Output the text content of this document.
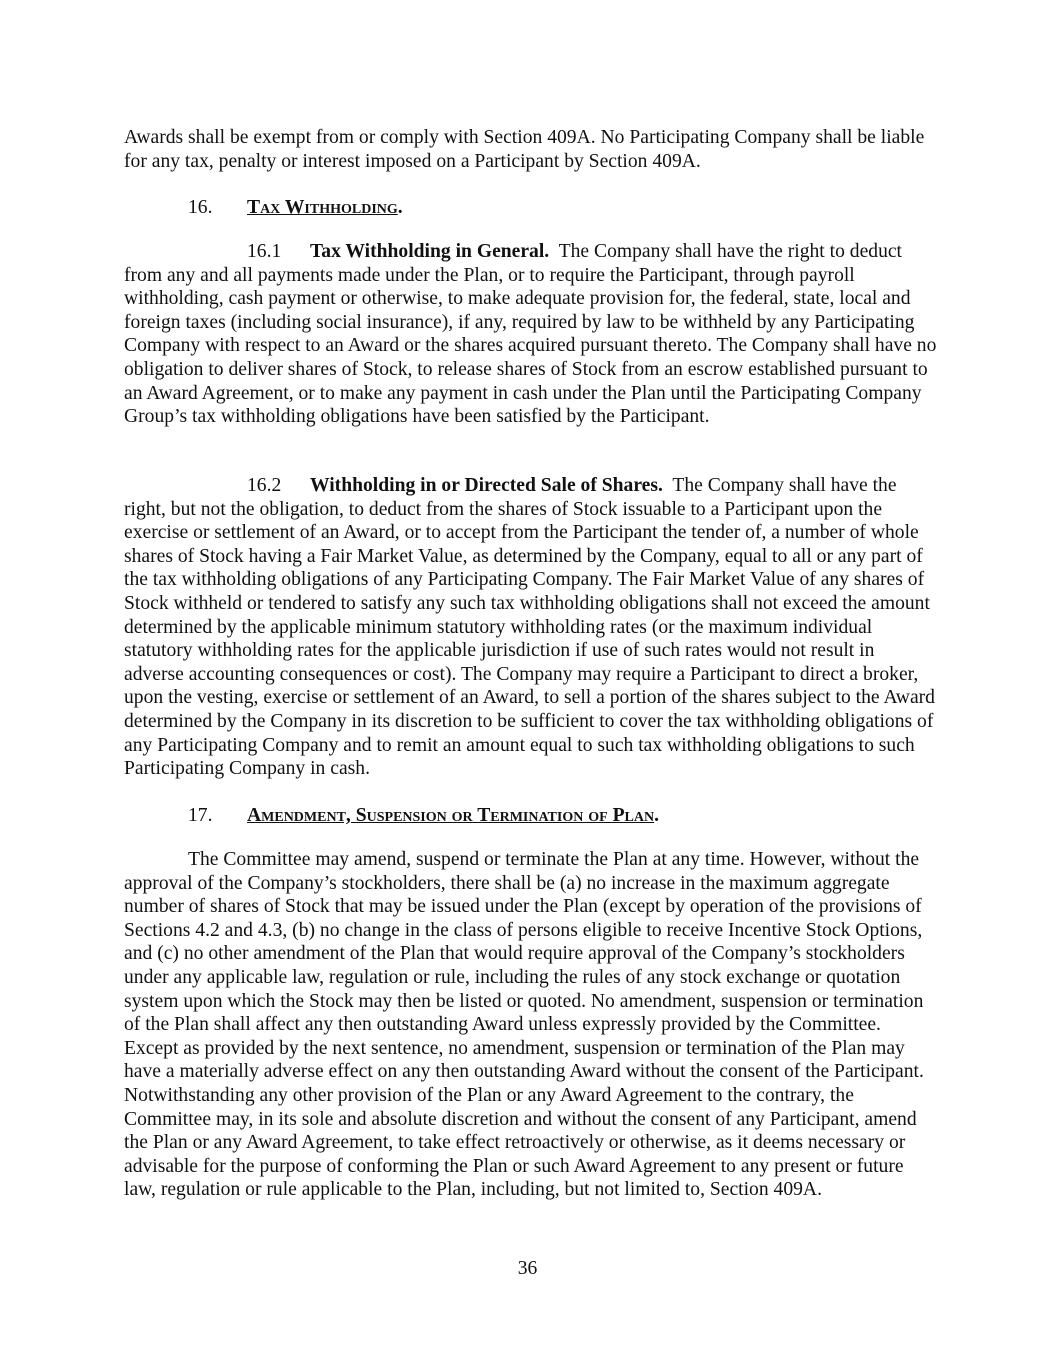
Awards shall be exempt from or comply with Section 409A. No Participating Company shall be liable for any tax, penalty or interest imposed on a Participant by Section 409A.

16. Tax Withholding.

16.1 Tax Withholding in General. The Company shall have the right to deduct from any and all payments made under the Plan, or to require the Participant, through payroll withholding, cash payment or otherwise, to make adequate provision for, the federal, state, local and foreign taxes (including social insurance), if any, required by law to be withheld by any Participating Company with respect to an Award or the shares acquired pursuant thereto. The Company shall have no obligation to deliver shares of Stock, to release shares of Stock from an escrow established pursuant to an Award Agreement, or to make any payment in cash under the Plan until the Participating Company Group’s tax withholding obligations have been satisfied by the Participant.

16.2 Withholding in or Directed Sale of Shares. The Company shall have the right, but not the obligation, to deduct from the shares of Stock issuable to a Participant upon the exercise or settlement of an Award, or to accept from the Participant the tender of, a number of whole shares of Stock having a Fair Market Value, as determined by the Company, equal to all or any part of the tax withholding obligations of any Participating Company. The Fair Market Value of any shares of Stock withheld or tendered to satisfy any such tax withholding obligations shall not exceed the amount determined by the applicable minimum statutory withholding rates (or the maximum individual statutory withholding rates for the applicable jurisdiction if use of such rates would not result in adverse accounting consequences or cost). The Company may require a Participant to direct a broker, upon the vesting, exercise or settlement of an Award, to sell a portion of the shares subject to the Award determined by the Company in its discretion to be sufficient to cover the tax withholding obligations of any Participating Company and to remit an amount equal to such tax withholding obligations to such Participating Company in cash.

17. Amendment, Suspension or Termination of Plan.

The Committee may amend, suspend or terminate the Plan at any time. However, without the approval of the Company’s stockholders, there shall be (a) no increase in the maximum aggregate number of shares of Stock that may be issued under the Plan (except by operation of the provisions of Sections 4.2 and 4.3, (b) no change in the class of persons eligible to receive Incentive Stock Options, and (c) no other amendment of the Plan that would require approval of the Company’s stockholders under any applicable law, regulation or rule, including the rules of any stock exchange or quotation system upon which the Stock may then be listed or quoted. No amendment, suspension or termination of the Plan shall affect any then outstanding Award unless expressly provided by the Committee. Except as provided by the next sentence, no amendment, suspension or termination of the Plan may have a materially adverse effect on any then outstanding Award without the consent of the Participant. Notwithstanding any other provision of the Plan or any Award Agreement to the contrary, the Committee may, in its sole and absolute discretion and without the consent of any Participant, amend the Plan or any Award Agreement, to take effect retroactively or otherwise, as it deems necessary or advisable for the purpose of conforming the Plan or such Award Agreement to any present or future law, regulation or rule applicable to the Plan, including, but not limited to, Section 409A.

36
